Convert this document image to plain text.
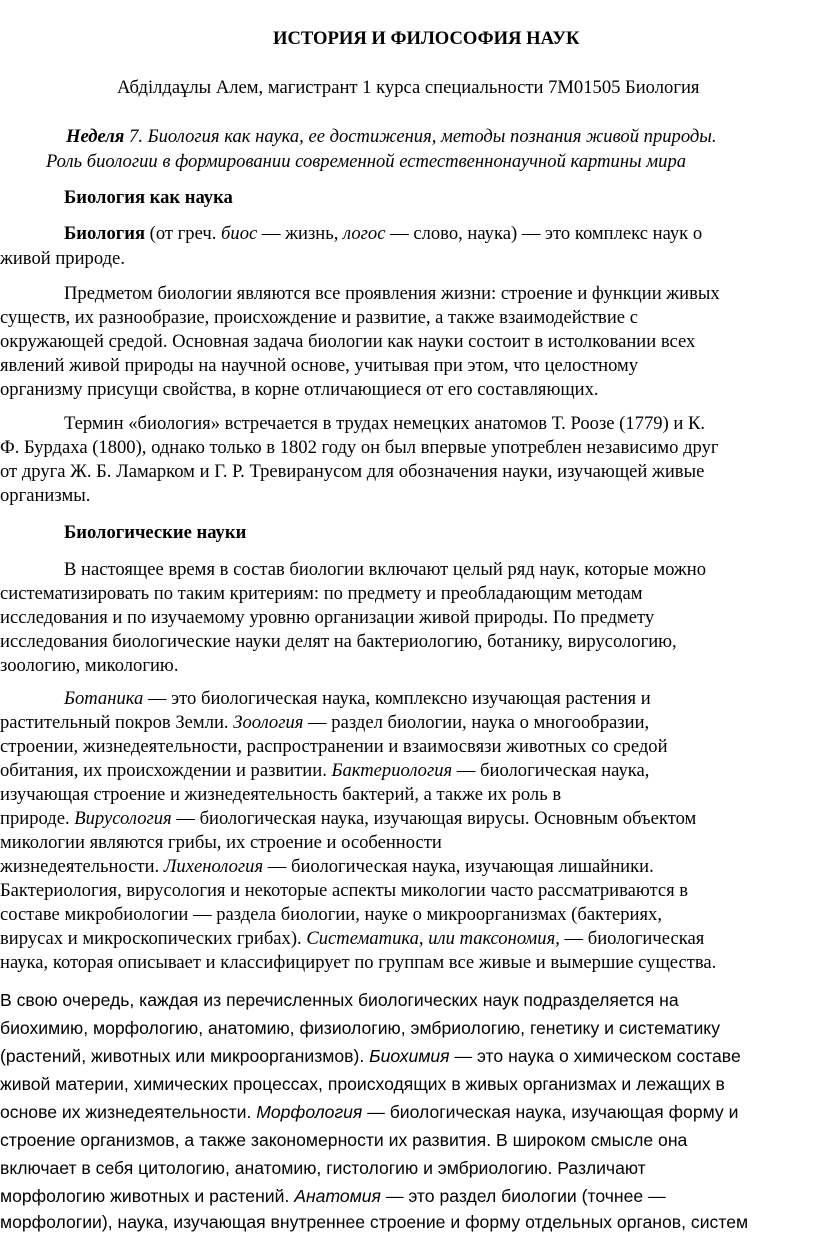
ИСТОРИЯ И ФИЛОСОФИЯ НАУК
Абділдаұлы Алем, магистрант 1 курса специальности 7М01505 Биология
Неделя 7. Биология как наука, ее достижения, методы познания живой природы.
Роль биологии в формировании современной естественнонаучной картины мира
Биология как наука
Биология (от греч. биос — жизнь, логос — слово, наука) — это комплекс наук о
живой природе.
Предметом биологии являются все проявления жизни: строение и функции живых
существ, их разнообразие, происхождение и развитие, а также взаимодействие с
окружающей средой. Основная задача биологии как науки состоит в истолковании всех
явлений живой природы на научной основе, учитывая при этом, что целостному
организму присущи свойства, в корне отличающиеся от его составляющих.
Термин «биология» встречается в трудах немецких анатомов Т. Роозе (1779) и К.
Ф. Бурдаха (1800), однако только в 1802 году он был впервые употреблен независимо друг
от друга Ж. Б. Ламарком и Г. Р. Тревиранусом для обозначения науки, изучающей живые
организмы.
Биологические науки
В настоящее время в состав биологии включают целый ряд наук, которые можно
систематизировать по таким критериям: по предмету и преобладающим методам
исследования и по изучаемому уровню организации живой природы. По предмету
исследования биологические науки делят на бактериологию, ботанику, вирусологию,
зоологию, микологию.
Ботаника — это биологическая наука, комплексно изучающая растения и
растительный покров Земли. Зоология — раздел биологии, наука о многообразии,
строении, жизнедеятельности, распространении и взаимосвязи животных со средой
обитания, их происхождении и развитии. Бактериология — биологическая наука,
изучающая строение и жизнедеятельность бактерий, а также их роль в
природе. Вирусология — биологическая наука, изучающая вирусы. Основным объектом
микологии являются грибы, их строение и особенности
жизнедеятельности. Лихенология — биологическая наука, изучающая лишайники.
Бактериология, вирусология и некоторые аспекты микологии часто рассматриваются в
составе микробиологии — раздела биологии, науке о микроорганизмах (бактериях,
вирусах и микроскопических грибах). Систематика, или таксономия, — биологическая
наука, которая описывает и классифицирует по группам все живые и вымершие существа.
В свою очередь, каждая из перечисленных биологических наук подразделяется на
биохимию, морфологию, анатомию, физиологию, эмбриологию, генетику и систематику
(растений, животных или микроорганизмов). Биохимия — это наука о химическом составе
живой материи, химических процессах, происходящих в живых организмах и лежащих в
основе их жизнедеятельности. Морфология — биологическая наука, изучающая форму и
строение организмов, а также закономерности их развития. В широком смысле она
включает в себя цитологию, анатомию, гистологию и эмбриологию. Различают
морфологию животных и растений. Анатомия — это раздел биологии (точнее —
морфологии), наука, изучающая внутреннее строение и форму отдельных органов, систем
